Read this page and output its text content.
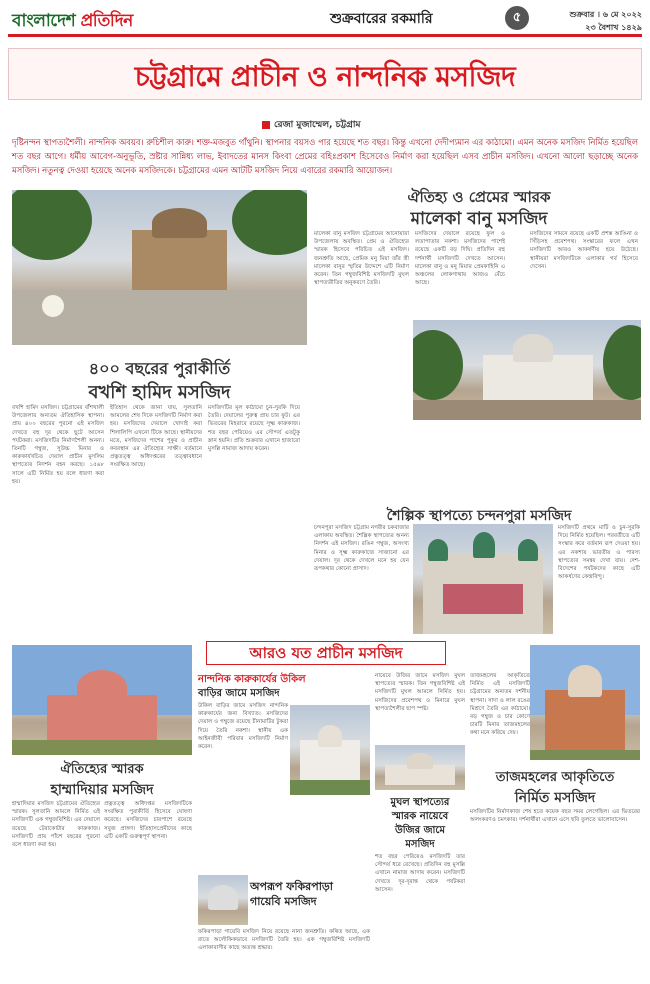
বাংলাদেশ প্রতিদিন	শুক্রবারের রকমারি	৫	শুক্রবার । ৬ মে ২০২২
২৩ বৈশাখ ১৪২৯
চট্টগ্রামে প্রাচীন ও নান্দনিক মসজিদ
রেজা মুজাম্মেল, চট্টগ্রাম
দৃষ্টিনন্দন স্থাপত্যশৈলী। নান্দনিক অবয়ব। রুচিশীল কারু। শক্ত-মজবুত গাঁথুনি। স্থাপনার বয়সও পার হয়েছে শত বছর। কিন্তু এখনো দেদীপ্যমান এর কাঠামো। এমন অনেক মসজিদ নির্মিত হয়েছিল শত বছর আগে। ধর্মীয় আবেগ-অনুভূতি, স্রষ্টার সান্নিধ্য লাভ, ইবাদতের মানস কিংবা প্রেমের বহিঃপ্রকাশ হিসেবেও নির্মাণ করা হয়েছিল এসব প্রাচীন মসজিদ। এখনো আলো ছড়াচ্ছে অনেক মসজিদ। নতুনত্ব দেওয়া হয়েছে অনেক মসজিদকে। চট্টগ্রামের এমন আটটি মসজিদ নিয়ে এবারের রকমারি আয়োজন।
৪০০ বছরের পুরাকীর্তি
বখশি হামিদ মসজিদ
বখশি হামিদ মসজিদ। চট্টগ্রামের বাঁশখালী উপজেলার অন্যতম ঐতিহাসিক স্থাপনা। প্রায় ৪০০ বছরের পুরনো এই মসজিদ দেখতে বহু দূর থেকে ছুটে আসেন পর্যটকরা। মসজিদটির নির্মাণশৈলী অনন্য। তিনটি গম্বুজ, সুউচ্চ মিনার ও কারুকার্যখচিত দেয়াল প্রাচীন মুসলিম স্থাপত্যের নিদর্শন বহন করছে। ১৫৬৮ সালে এটি নির্মিত হয় বলে ধারণা করা হয়।
ইতিহাস থেকে জানা যায়, সুলতানি আমলের শেষ দিকে মসজিদটি নির্মাণ করা হয়। মসজিদের দেয়ালে খোদাই করা শিলালিপি এখনো টিকে আছে। স্থানীয়দের মতে, মসজিদের পাশের পুকুর ও প্রাচীন কবরস্থান এর ঐতিহ্যের সাক্ষী। বর্তমানে প্রত্নতত্ত্ব অধিদপ্তরের তত্ত্বাবধানে সংরক্ষিত আছে।
মসজিদটির মূল কাঠামো চুন-সুরকি দিয়ে তৈরি। দেয়ালের পুরুত্ব প্রায় চার ফুট। এর ভিতরের মিহরাবে রয়েছে সূক্ষ্ম কারুকাজ। শত বছর পেরিয়েও এর সৌন্দর্য এতটুকু ম্লান হয়নি। প্রতি শুক্রবার এখানে হাজারো মুসল্লি নামাজ আদায় করেন।
ঐতিহ্য ও প্রেমের স্মারক
মালেকা বানু মসজিদ
মালেকা বানু মসজিদ চট্টগ্রামের আনোয়ারা উপজেলায় অবস্থিত। প্রেম ও ঐতিহ্যের স্মারক হিসেবে পরিচিত এই মসজিদ। জনশ্রুতি আছে, প্রেমিক মনু মিয়া তাঁর স্ত্রী মালেকা বানুর স্মৃতির উদ্দেশে এটি নির্মাণ করেন। তিন গম্বুজবিশিষ্ট মসজিদটি মুঘল স্থাপত্যরীতির অনুকরণে তৈরি।
মসজিদের দেয়ালে রয়েছে ফুল ও লতাপাতার নকশা। মসজিদের পাশেই রয়েছে একটি বড় দিঘি। প্রতিদিন বহু দর্শনার্থী মসজিদটি দেখতে আসেন। মালেকা বানু ও মনু মিয়ার প্রেমকাহিনি এ অঞ্চলের লোকগাথায় আজও বেঁচে আছে।
মসজিদের সামনে রয়েছে একটি প্রশস্ত আঙিনা ও সিঁড়িসহ প্রবেশপথ। সংস্কারের ফলে এখন মসজিদটি আরও আকর্ষণীয় হয়ে উঠেছে। স্থানীয়রা মসজিদটিকে এলাকার গর্ব হিসেবে দেখেন।
শৈল্পিক স্থাপত্যে চন্দনপুরা মসজিদ
চন্দনপুরা মসজিদ চট্টগ্রাম নগরীর চকবাজার এলাকায় অবস্থিত। শৈল্পিক স্থাপত্যের অনন্য নিদর্শন এই মসজিদ। রঙিন গম্বুজ, অসংখ্য মিনার ও সূক্ষ্ম কারুকাজে সাজানো এর দেয়াল। দূর থেকে দেখলে মনে হয় যেন রূপকথার কোনো প্রাসাদ।
মসজিদটি প্রথমে মাটি ও চুন-সুরকি দিয়ে নির্মিত হয়েছিল। পরবর্তীতে এটি সংস্কার করে বর্তমান রূপ দেওয়া হয়। এর নকশায় ভারতীয় ও পারস্য স্থাপত্যের সমন্বয় দেখা যায়। দেশ-বিদেশের পর্যটকদের কাছে এটি আকর্ষণের কেন্দ্রবিন্দু।
আরও যত প্রাচীন মসজিদ
ঐতিহ্যের স্মারক
হাম্মাদিয়ার মসজিদ
হাম্মাদিয়ার মসজিদ চট্টগ্রামের ঐতিহ্যের স্মারক। সুলতানি আমলে নির্মিত এই মসজিদটি এক গম্বুজবিশিষ্ট। এর দেয়ালে রয়েছে টেরাকোটার কারুকাজ। মসজিদটি প্রায় পাঁচশ বছরের পুরনো বলে ধারণা করা হয়।
প্রত্নতত্ত্ব অধিদপ্তর মসজিদটিকে সংরক্ষিত পুরাকীর্তি হিসেবে ঘোষণা করেছে। মসজিদের চারপাশে রয়েছে সবুজ প্রাঙ্গণ। ইতিহাসপ্রেমীদের কাছে এটি একটি গুরুত্বপূর্ণ স্থাপনা।
নান্দনিক কারুকার্যের উকিল
বাড়ির জামে মসজিদ
উকিল বাড়ির জামে মসজিদ নান্দনিক কারুকার্যের জন্য বিখ্যাত। মসজিদের দেয়াল ও গম্বুজে রয়েছে চীনামাটির টুকরা দিয়ে তৈরি নকশা। স্থানীয় এক আইনজীবী পরিবার মসজিদটি নির্মাণ করেন।
অপরূপ ফকিরপাড়া
গায়েবি মসজিদ
ফকিরপাড়া গায়েবি মসজিদ নিয়ে রয়েছে নানা জনশ্রুতি। কথিত আছে, এক রাতে অলৌকিকভাবে মসজিদটি তৈরি হয়। এক গম্বুজবিশিষ্ট মসজিদটি এলাকাবাসীর কাছে অত্যন্ত শ্রদ্ধার।
নায়েবে উজির জামে মসজিদ মুঘল স্থাপত্যের স্মারক। তিন গম্বুজবিশিষ্ট এই মসজিদটি মুঘল আমলে নির্মিত হয়। মসজিদের প্রবেশপথ ও মিনারে মুঘল স্থাপত্যশৈলীর ছাপ স্পষ্ট।
মুঘল স্থাপত্যের
স্মারক নায়েবে
উজির জামে
মসজিদ
শত বছর পেরিয়েও মসজিদটি তার সৌন্দর্য ধরে রেখেছে। প্রতিদিন বহু মুসল্লি এখানে নামাজ আদায় করেন। মসজিদটি দেখতে দূর-দূরান্ত থেকে পর্যটকরা আসেন।
তাজমহলের আকৃতিতে নির্মিত এই মসজিদটি চট্টগ্রামের অন্যতম দর্শনীয় স্থাপনা। সাদা ও লাল রঙের মিশ্রণে তৈরি এর কাঠামো। বড় গম্বুজ ও চার কোণে চারটি মিনার তাজমহলের কথা মনে করিয়ে দেয়।
তাজমহলের আকৃতিতে
নির্মিত মসজিদ
মসজিদটির নির্মাণকাজ শেষ হতে কয়েক বছর সময় লেগেছিল। এর ভিতরের অলংকরণও চমৎকার। দর্শনার্থীরা এখানে এসে ছবি তুলতে ভালোবাসেন।
